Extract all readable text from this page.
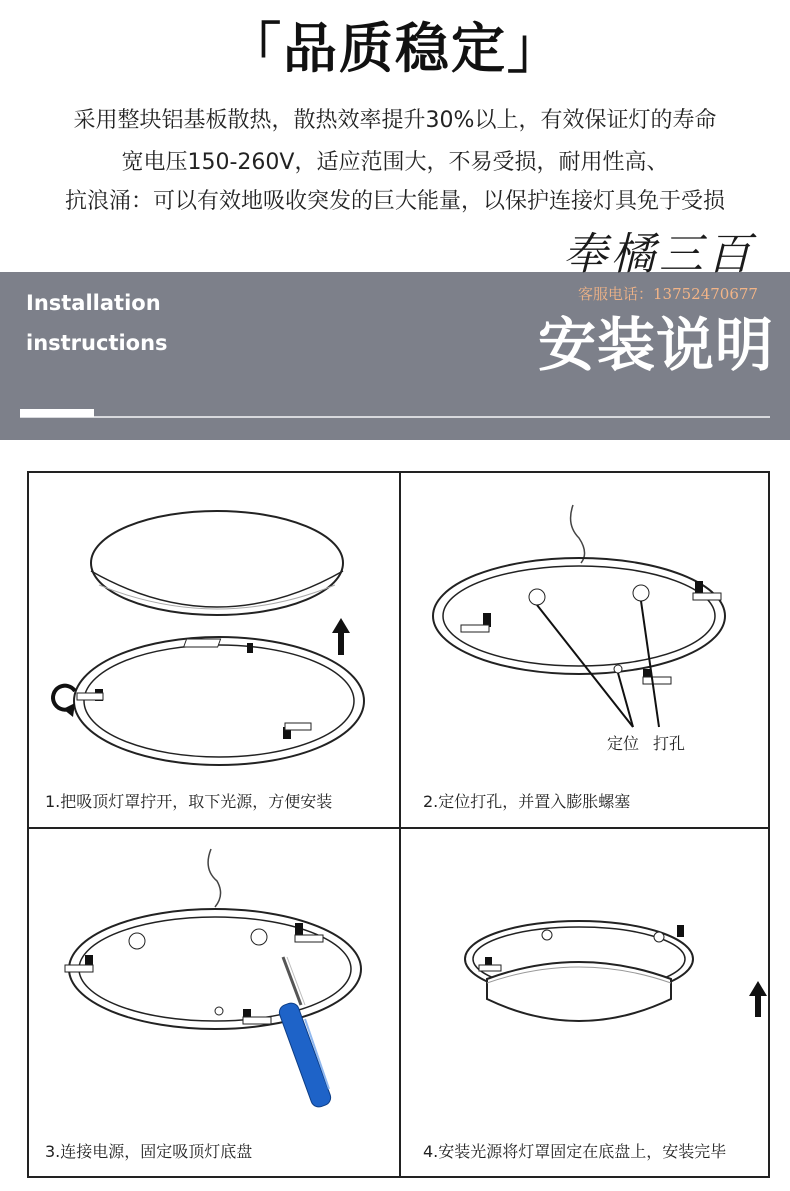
「品质稳定」
采用整块铝基板散热，散热效率提升30%以上，有效保证灯的寿命
宽电压150-260V，适应范围大，不易受损，耐用性高、
抗浪涌：可以有效地吸收突发的巨大能量，以保护连接灯具免于受损
Installation
instructions	安装说明
奉橘三百
客服电话：13752470677
1.把吸顶灯罩拧开，取下光源，方便安装
定位 打孔
2.定位打孔，并置入膨胀螺塞
3.连接电源，固定吸顶灯底盘	4.安装光源将灯罩固定在底盘上，安装完毕
